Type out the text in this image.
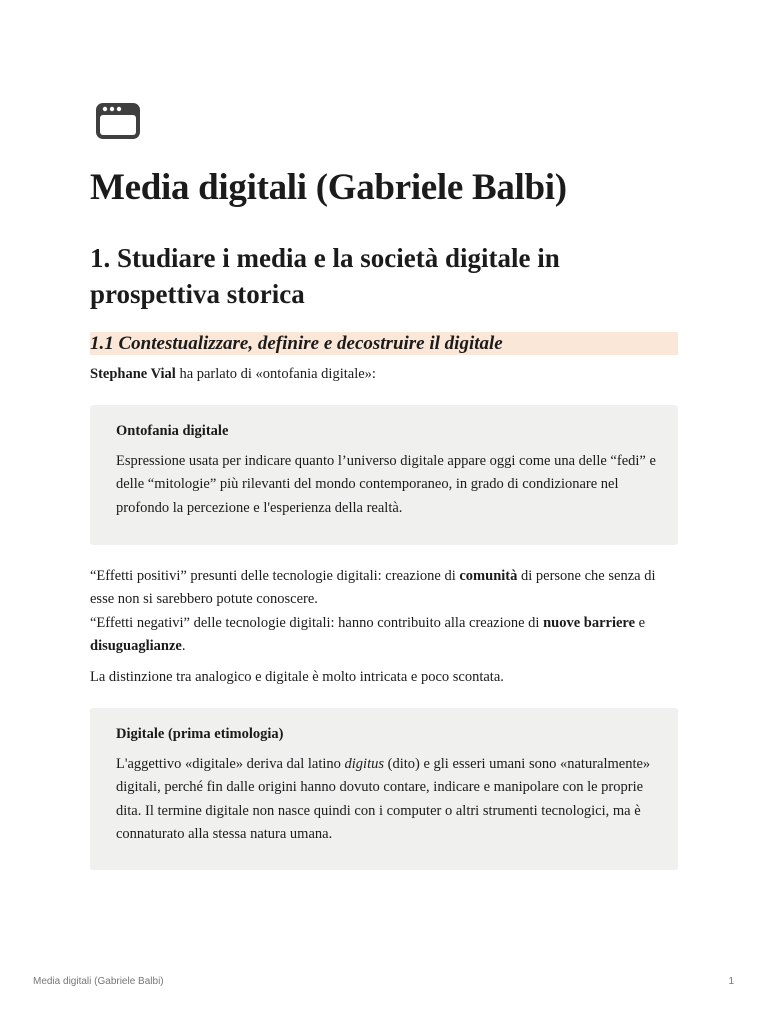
Media digitali (Gabriele Balbi)
1. Studiare i media e la società digitale in prospettiva storica
1.1 Contestualizzare, definire e decostruire il digitale

Stephane Vial ha parlato di «ontofania digitale»:

Ontofania digitale

Espressione usata per indicare quanto l’universo digitale appare oggi come una delle “fedi” e delle “mitologie” più rilevanti del mondo contemporaneo, in grado di condizionare nel profondo la percezione e l'esperienza della realtà.

“Effetti positivi” presunti delle tecnologie digitali: creazione di comunità di persone che senza di esse non si sarebbero potute conoscere.
“Effetti negativi” delle tecnologie digitali: hanno contribuito alla creazione di nuove barriere e disuguaglianze.

La distinzione tra analogico e digitale è molto intricata e poco scontata.

Digitale (prima etimologia)

L'aggettivo «digitale» deriva dal latino digitus (dito) e gli esseri umani sono «naturalmente» digitali, perché fin dalle origini hanno dovuto contare, indicare e manipolare con le proprie dita. Il termine digitale non nasce quindi con i computer o altri strumenti tecnologici, ma è connaturato alla stessa natura umana.

Media digitali (Gabriele Balbi)	1
